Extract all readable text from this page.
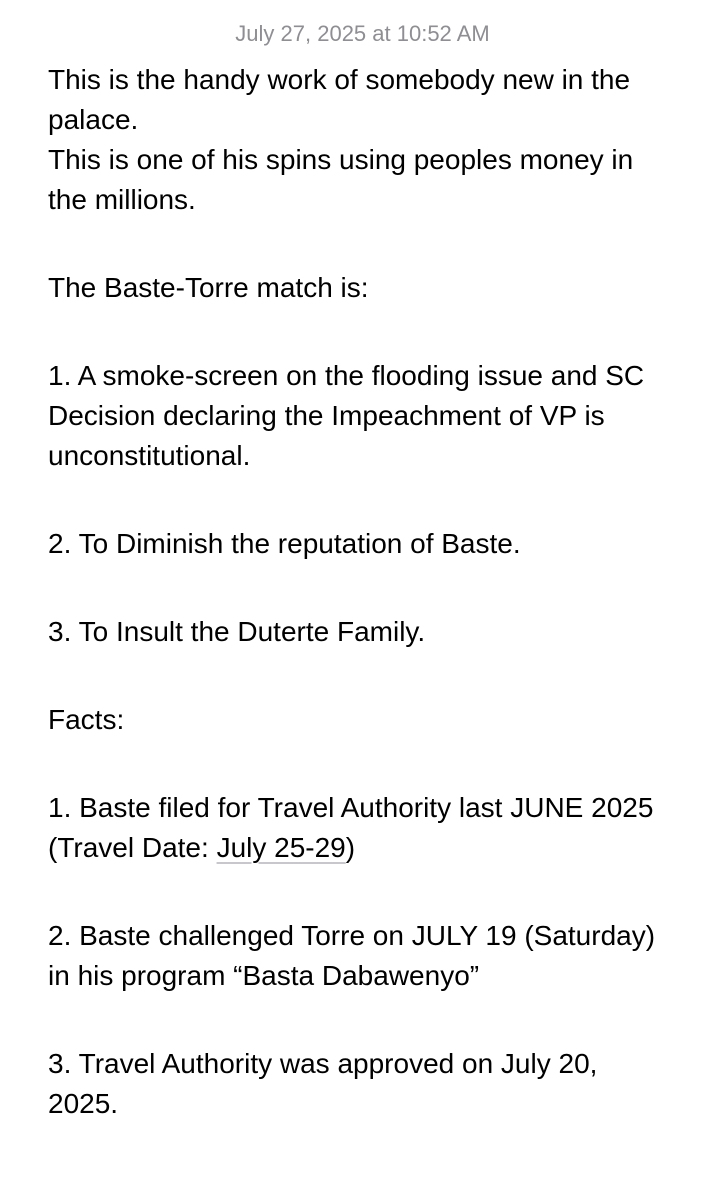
July 27, 2025 at 10:52 AM
This is the handy work of somebody new in the
palace.
This is one of his spins using peoples money in
the millions.
The Baste-Torre match is:
1. A smoke-screen on the flooding issue and SC
Decision declaring the Impeachment of VP is
unconstitutional.
2. To Diminish the reputation of Baste.
3. To Insult the Duterte Family.
Facts:
1. Baste filed for Travel Authority last JUNE 2025
(Travel Date: July 25-29)
2. Baste challenged Torre on JULY 19 (Saturday)
in his program “Basta Dabawenyo”
3. Travel Authority was approved on July 20,
2025.
